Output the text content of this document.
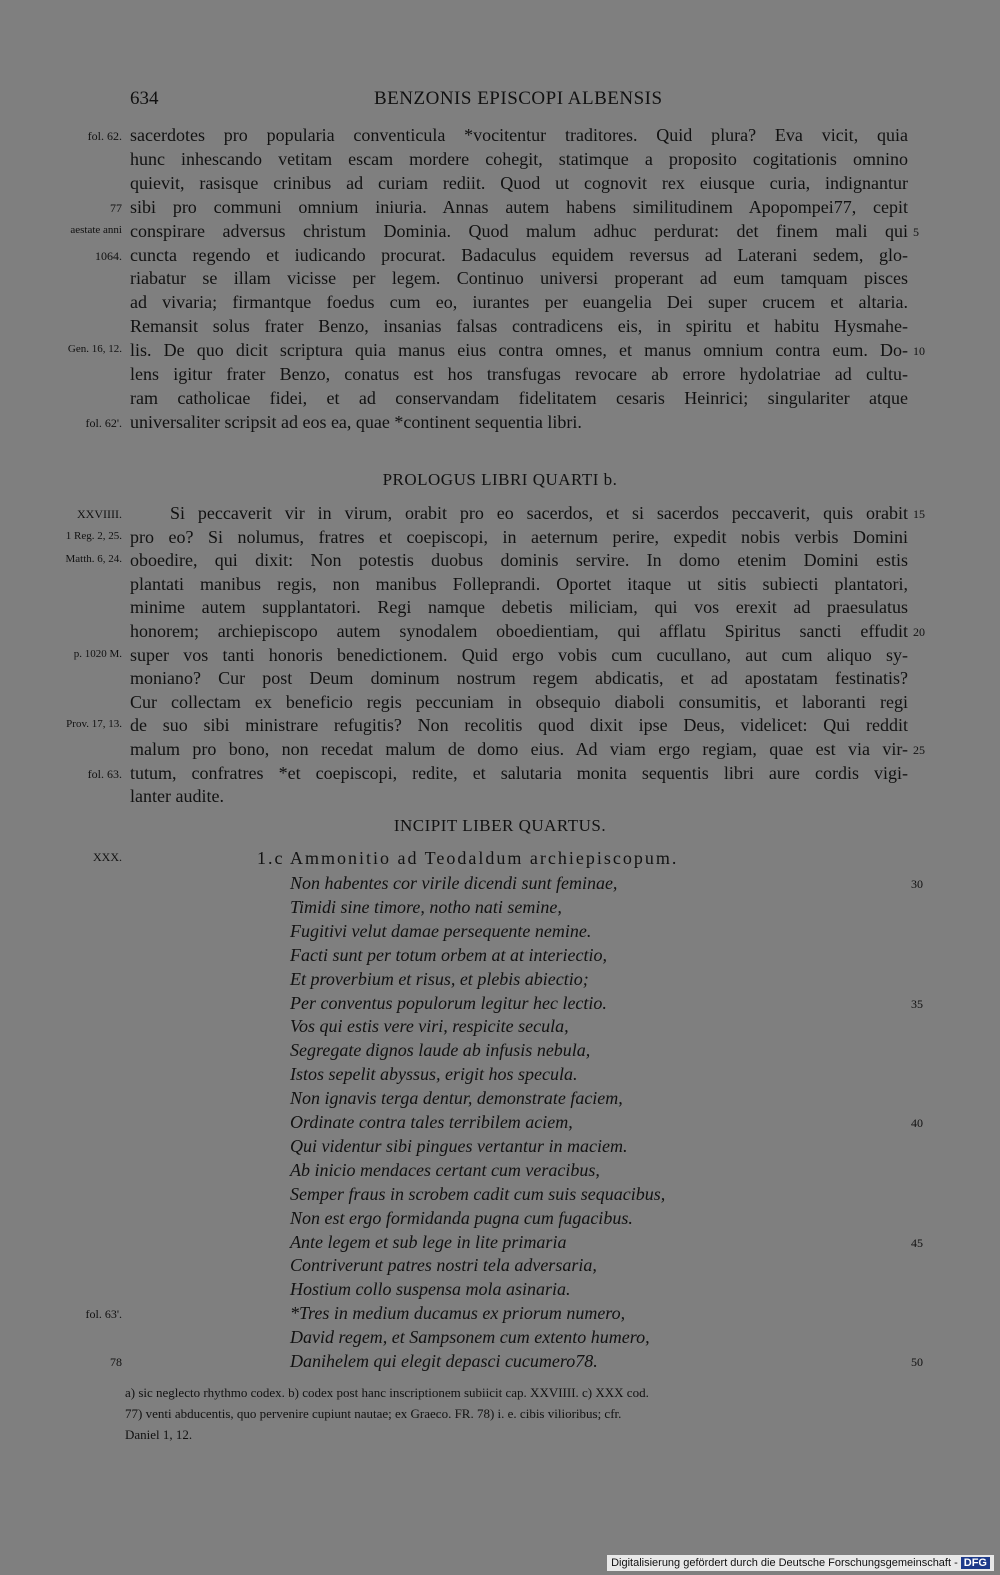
634	BENZONIS EPISCOPI ALBENSIS
fol. 62. sacerdotes pro popularia conventicula *vocitentur traditores. Quid plura? Eva vicit, quia
hunc inhescando vetitam escam mordere cohegit, statimque a proposito cogitationis omnino
quievit, rasisque crinibus ad curiam rediit. Quod ut cognovit rex eiusque curia, indignantur
77 sibi pro communi omnium iniuria. Annas autem habens similitudinem Apopompei77, cepit
aestate anni conspirare adversus christum Dominia. Quod malum adhuc perdurat: det finem mali qui 5
1064. cuncta regendo et iudicando procurat. Badaculus equidem reversus ad Laterani sedem, glo-
riabatur se illam vicisse per legem. Continuo universi properant ad eum tamquam pisces
ad vivaria; firmantque foedus cum eo, iurantes per euangelia Dei super crucem et altaria.
Remansit solus frater Benzo, insanias falsas contradicens eis, in spiritu et habitu Hysmahe-
Gen. 16, 12. lis. De quo dicit scriptura quia manus eius contra omnes, et manus omnium contra eum. Do- 10
lens igitur frater Benzo, conatus est hos transfugas revocare ab errore hydolatriae ad cultu-
ram catholicae fidei, et ad conservandam fidelitatem cesaris Heinrici; singulariter atque
fol. 62'. universaliter scripsit ad eos ea, quae *continent sequentia libri.
PROLOGUS LIBRI QUARTI b.
XXVIIII.	Si peccaverit vir in virum, orabit pro eo sacerdos, et si sacerdos peccaverit, quis orabit 15
1 Reg. 2, 25. pro eo? Si nolumus, fratres et coepiscopi, in aeternum perire, expedit nobis verbis Domini
Matth. 6, 24. oboedire, qui dixit: Non potestis duobus dominis servire. In domo etenim Domini estis
plantati manibus regis, non manibus Folleprandi. Oportet itaque ut sitis subiecti plantatori,
minime autem supplantatori. Regi namque debetis miliciam, qui vos erexit ad praesulatus
honorem; archiepiscopo autem synodalem oboedientiam, qui afflatu Spiritus sancti effudit 20
p. 1020 M. super vos tanti honoris benedictionem. Quid ergo vobis cum cucullano, aut cum aliquo sy-
moniano? Cur post Deum dominum nostrum regem abdicatis, et ad apostatam festinatis?
Cur collectam ex beneficio regis peccuniam in obsequio diaboli consumitis, et laboranti regi
Prov. 17, 13. de suo sibi ministrare refugitis? Non recolitis quod dixit ipse Deus, videlicet: Qui reddit
malum pro bono, non recedat malum de domo eius. Ad viam ergo regiam, quae est via vir- 25
fol. 63. tutum, confratres *et coepiscopi, redite, et salutaria monita sequentis libri aure cordis vigi-
lanter audite.
INCIPIT LIBER QUARTUS.
XXX.	1.c Ammonitio ad Teodaldum archiepiscopum.
Non habentes cor virile dicendi sunt feminae,	30
Timidi sine timore, notho nati semine,
Fugitivi velut damae persequente nemine.
Facti sunt per totum orbem at at interiectio,
Et proverbium et risus, et plebis abiectio;
Per conventus populorum legitur hec lectio.	35
Vos qui estis vere viri, respicite secula,
Segregate dignos laude ab infusis nebula,
Istos sepelit abyssus, erigit hos specula.
Non ignavis terga dentur, demonstrate faciem,
Ordinate contra tales terribilem aciem,	40
Qui videntur sibi pingues vertantur in maciem.
Ab inicio mendaces certant cum veracibus,
Semper fraus in scrobem cadit cum suis sequacibus,
Non est ergo formidanda pugna cum fugacibus.
Ante legem et sub lege in lite primaria	45
Contriverunt patres nostri tela adversaria,
Hostium collo suspensa mola asinaria.
fol. 63'.	*Tres in medium ducamus ex priorum numero,
David regem, et Sampsonem cum extento humero,
78	Danihelem qui elegit depasci cucumero78.	50
a) sic neglecto rhythmo codex. b) codex post hanc inscriptionem subiicit cap. XXVIIII. c) XXX cod.
77) venti abducentis, quo pervenire cupiunt nautae; ex Graeco. FR. 78) i. e. cibis vilioribus; cfr.
Daniel 1, 12.
Digitalisierung gefördert durch die Deutsche Forschungsgemeinschaft - DFG
